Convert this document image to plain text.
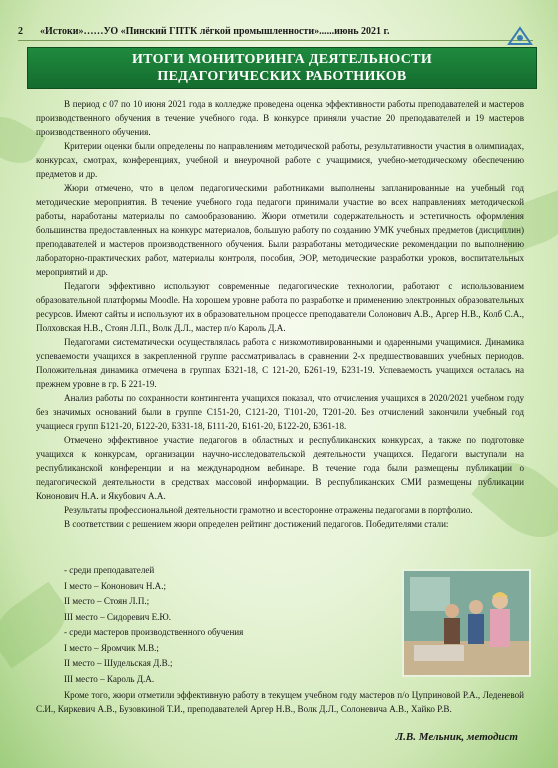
2	«Истоки»……УО «Пинский ГПТК лёгкой промышленности»......июнь 2021 г.
ИТОГИ МОНИТОРИНГА ДЕЯТЕЛЬНОСТИ
ПЕДАГОГИЧЕСКИХ РАБОТНИКОВ

В период с 07 по 10 июня 2021 года в колледже проведена оценка эффективности работы преподавателей и мастеров производственного обучения в течение учебного года. В конкурсе приняли участие 20 преподавателей и 19 мастеров производственного обучения.

Критерии оценки были определены по направлениям методической работы, результативности участия в олимпиадах, конкурсах, смотрах, конференциях, учебной и внеурочной работе с учащимися, учебно-методическому обеспечению предметов и др.

Жюри отмечено, что в целом педагогическими работниками выполнены запланированные на учебный год методические мероприятия. В течение учебного года педагоги принимали участие во всех направлениях методической работы, наработаны материалы по самообразованию. Жюри отметили содержательность и эстетичность оформления большинства предоставленных на конкурс материалов, большую работу по созданию УМК учебных предметов (дисциплин) преподавателей и мастеров производственного обучения. Были разработаны методические рекомендации по выполнению лабораторно-практических работ, материалы контроля, пособия, ЭОР, методические разработки уроков, воспитательных мероприятий и др.

Педагоги эффективно используют современные педагогические технологии, работают с использованием образовательной платформы Moodle. На хорошем уровне работа по разработке и применению электронных образовательных ресурсов. Имеют сайты и используют их в образовательном процессе преподаватели Солонович А.В., Аргер Н.В., Колб С.А., Полховская Н.В., Стоян Л.П., Волк Д.Л., мастер п/о Кароль Д.А.

Педагогами систематически осуществлялась работа с низкомотивированными и одаренными учащимися. Динамика успеваемости учащихся в закрепленной группе рассматривалась в сравнении 2-х предшествовавших учебных периодов. Положительная динамика отмечена в группах Б321-18, С 121-20, Б261-19, Б231-19. Успеваемость учащихся осталась на прежнем уровне в гр. Б 221-19.

Анализ работы по сохранности контингента учащихся показал, что отчисления учащихся в 2020/2021 учебном году без значимых оснований были в группе С151-20, С121-20, Т101-20, Т201-20. Без отчислений закончили учебный год учащиеся групп Б121-20, Б122-20, Б331-18, Б111-20, Б161-20, Б122-20, Б361-18.

Отмечено эффективное участие педагогов в областных и республиканских конкурсах, а также по подготовке учащихся к конкурсам, организации научно-исследовательской деятельности учащихся. Педагоги выступали на республиканской конференции и на международном вебинаре. В течение года были размещены публикации о педагогической деятельности в средствах массовой информации. В республиканских СМИ размещены публикации Кононович Н.А. и Якубович А.А.

Результаты профессиональной деятельности грамотно и всесторонне отражены педагогами в портфолио.

В соответствии с решением жюри определен рейтинг достижений педагогов. Победителями стали:

- среди преподавателей
I место – Кононович Н.А.;
II место – Стоян Л.П.;
III место – Сидоревич Е.Ю.
- среди мастеров производственного обучения
I место – Яромчик М.В.;
II место – Шудельская Д.В.;
III место – Кароль Д.А.

Кроме того, жюри отметили эффективную работу в текущем учебном году мастеров п/о Цуприновой Р.А., Леденевой С.И., Киркевич А.В., Бузовкиной Т.И., преподавателей Аргер Н.В., Волк Д.Л., Солоневича А.В., Хайко Р.В.

Л.В. Мельник, методист
